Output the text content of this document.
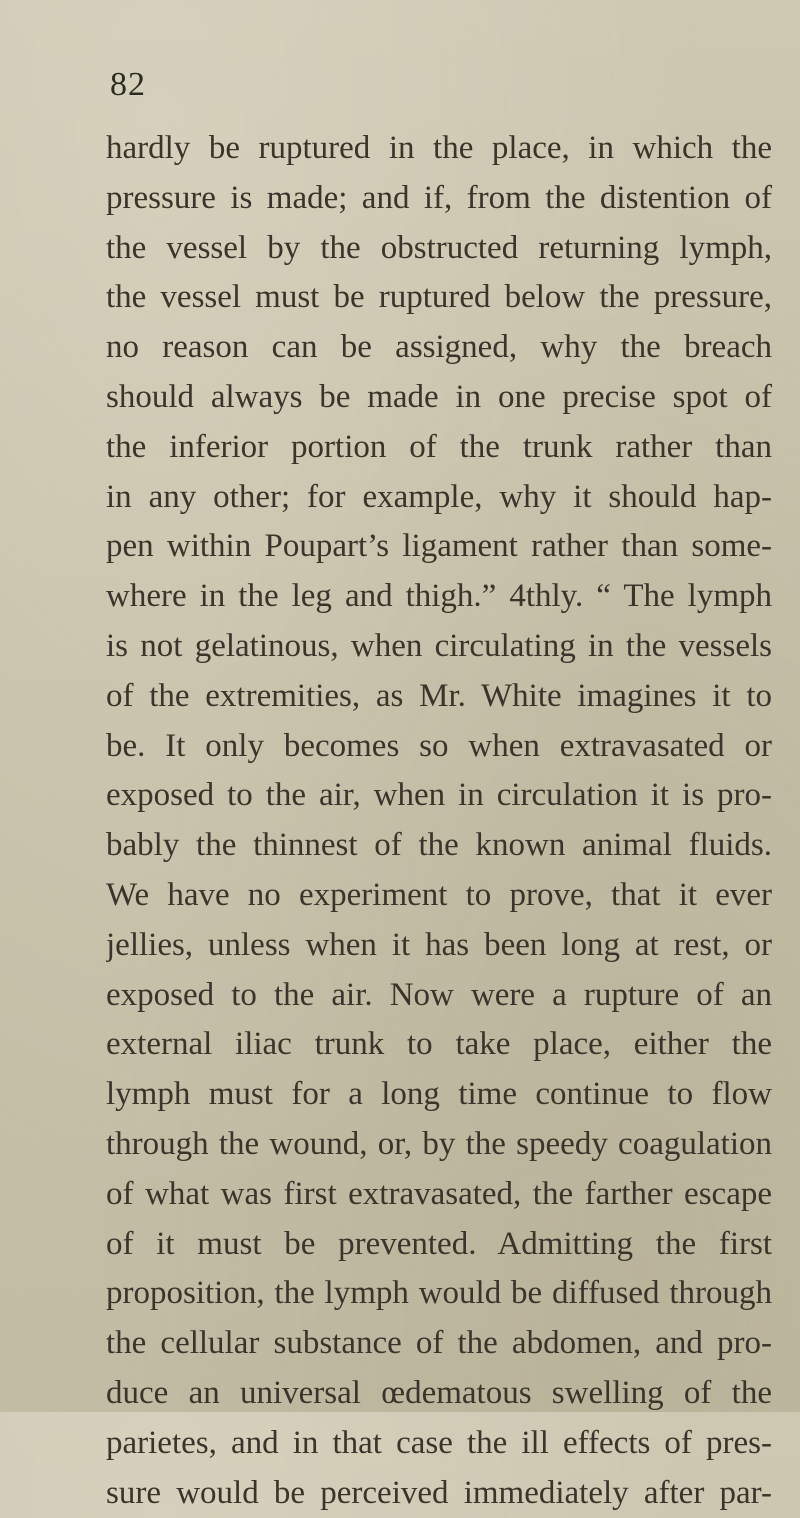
82
hardly be ruptured in the place, in which the
pressure is made; and if, from the distention of
the vessel by the obstructed returning lymph,
the vessel must be ruptured below the pressure,
no reason can be assigned, why the breach
should always be made in one precise spot of
the inferior portion of the trunk rather than
in any other; for example, why it should hap-
pen within Poupart’s ligament rather than some-
where in the leg and thigh.” 4thly. “ The lymph
is not gelatinous, when circulating in the vessels
of the extremities, as Mr. White imagines it to
be. It only becomes so when extravasated or
exposed to the air, when in circulation it is pro-
bably the thinnest of the known animal fluids.
We have no experiment to prove, that it ever
jellies, unless when it has been long at rest, or
exposed to the air. Now were a rupture of an
external iliac trunk to take place, either the
lymph must for a long time continue to flow
through the wound, or, by the speedy coagulation
of what was first extravasated, the farther escape
of it must be prevented. Admitting the first
proposition, the lymph would be diffused through
the cellular substance of the abdomen, and pro-
duce an universal œdematous swelling of the
parietes, and in that case the ill effects of pres-
sure would be perceived immediately after par-
